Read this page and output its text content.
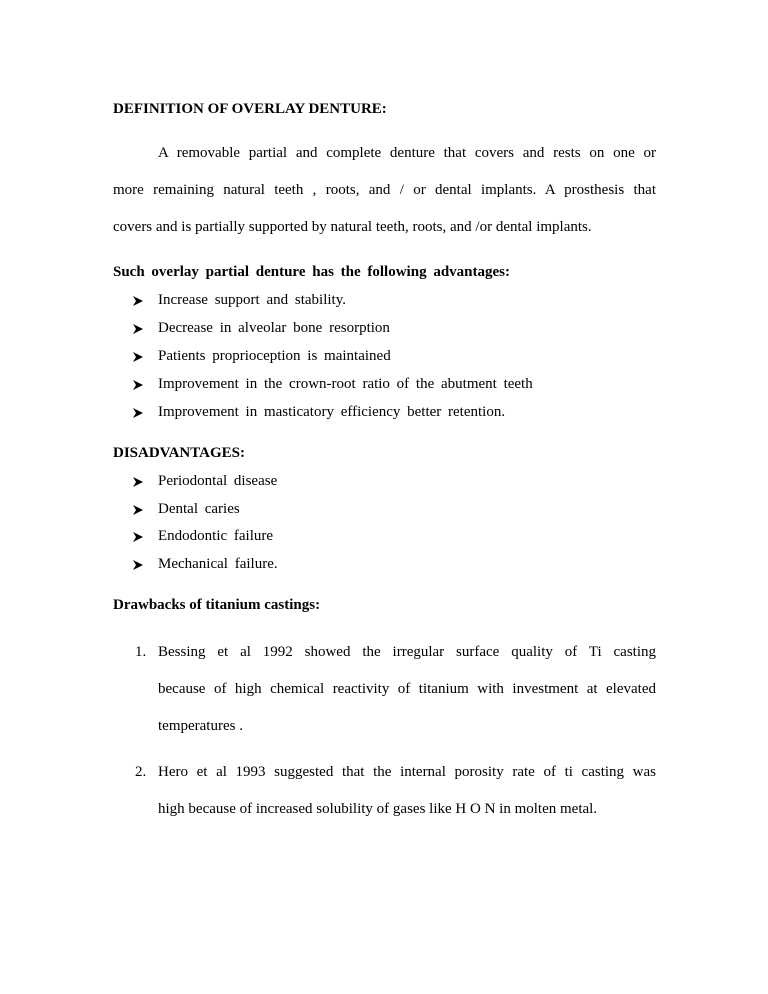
DEFINITION OF OVERLAY DENTURE:
A removable partial and complete denture that covers and rests on one or
more remaining natural teeth , roots, and / or dental implants. A prosthesis that
covers and is partially supported by natural teeth, roots, and /or dental implants.
Such overlay partial denture has the following advantages:
Increase support and stability.
Decrease in alveolar bone resorption
Patients proprioception is maintained
Improvement in the crown-root ratio of the abutment teeth
Improvement in masticatory efficiency better retention.
DISADVANTAGES:
Periodontal disease
Dental caries
Endodontic failure
Mechanical failure.
Drawbacks of titanium castings:
1. Bessing et al 1992 showed the irregular surface quality of Ti casting
because of high chemical reactivity of titanium with investment at elevated
temperatures .
2. Hero et al 1993 suggested that the internal porosity rate of ti casting was
high because of increased solubility of gases like H O N in molten metal.
